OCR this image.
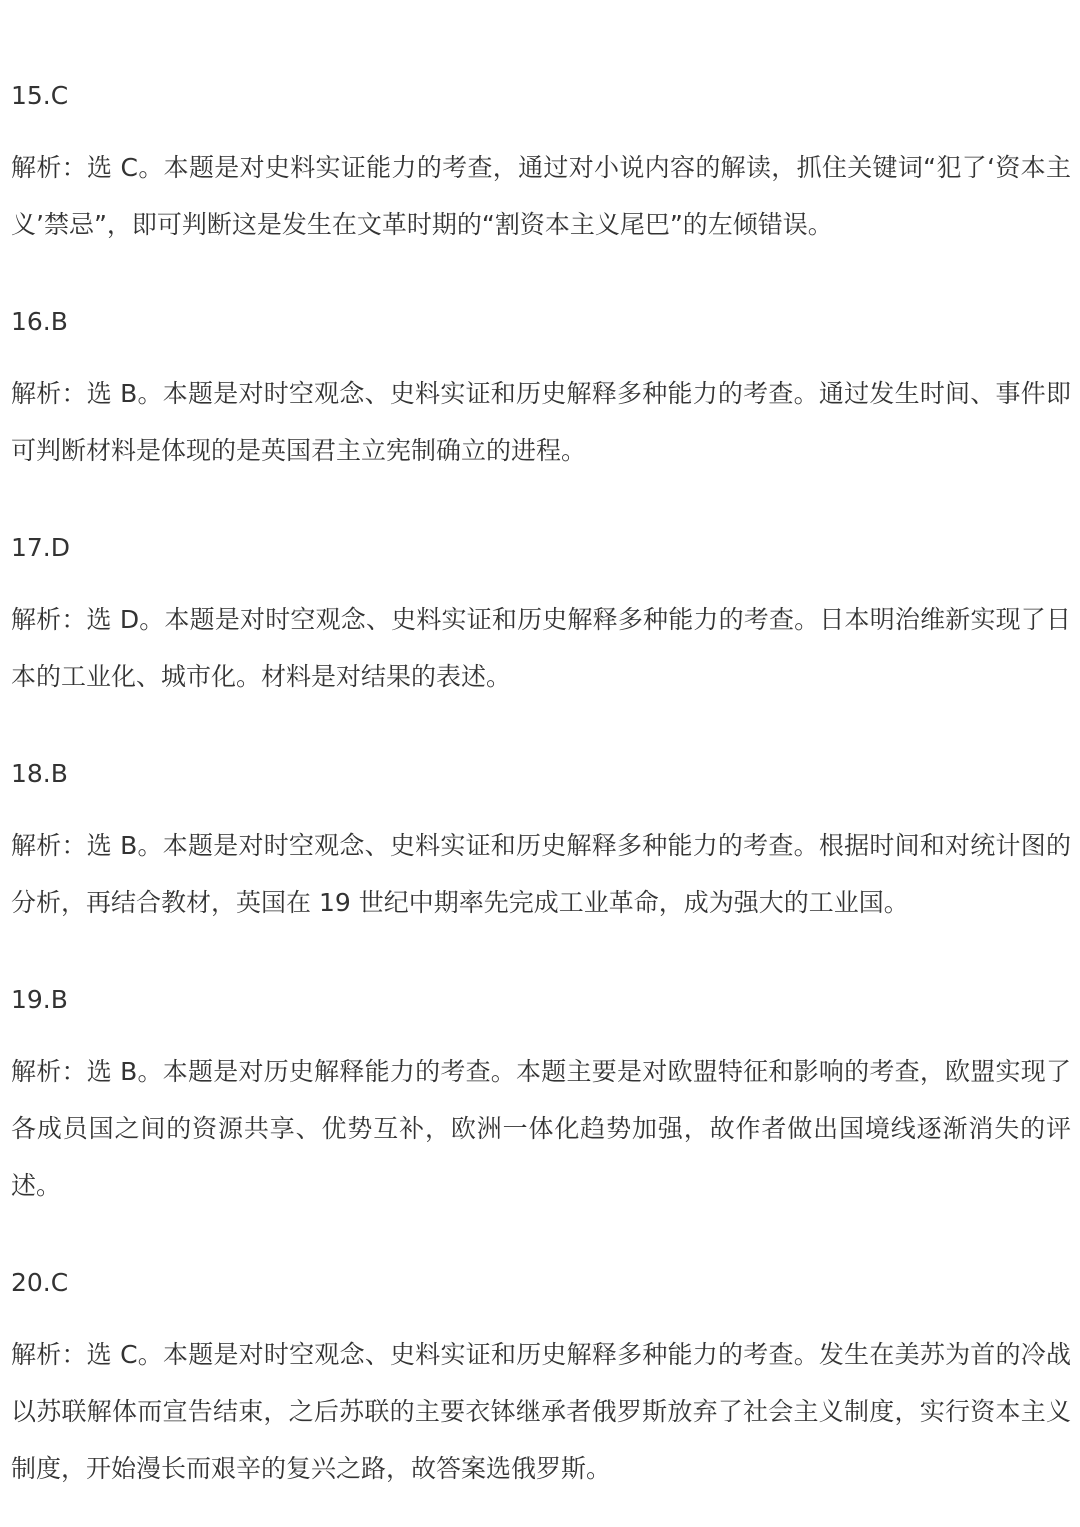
15.C

解析：选 C。本题是对史料实证能力的考查，通过对小说内容的解读，抓住关键词“犯了‘资本主义’禁忌”，即可判断这是发生在文革时期的“割资本主义尾巴”的左倾错误。

16.B

解析：选 B。本题是对时空观念、史料实证和历史解释多种能力的考查。通过发生时间、事件即可判断材料是体现的是英国君主立宪制确立的进程。

17.D

解析：选 D。本题是对时空观念、史料实证和历史解释多种能力的考查。日本明治维新实现了日本的工业化、城市化。材料是对结果的表述。

18.B

解析：选 B。本题是对时空观念、史料实证和历史解释多种能力的考查。根据时间和对统计图的分析，再结合教材，英国在 19 世纪中期率先完成工业革命，成为强大的工业国。

19.B

解析：选 B。本题是对历史解释能力的考查。本题主要是对欧盟特征和影响的考查，欧盟实现了各成员国之间的资源共享、优势互补，欧洲一体化趋势加强，故作者做出国境线逐渐消失的评述。

20.C

解析：选 C。本题是对时空观念、史料实证和历史解释多种能力的考查。发生在美苏为首的冷战以苏联解体而宣告结束，之后苏联的主要衣钵继承者俄罗斯放弃了社会主义制度，实行资本主义制度，开始漫长而艰辛的复兴之路，故答案选俄罗斯。
